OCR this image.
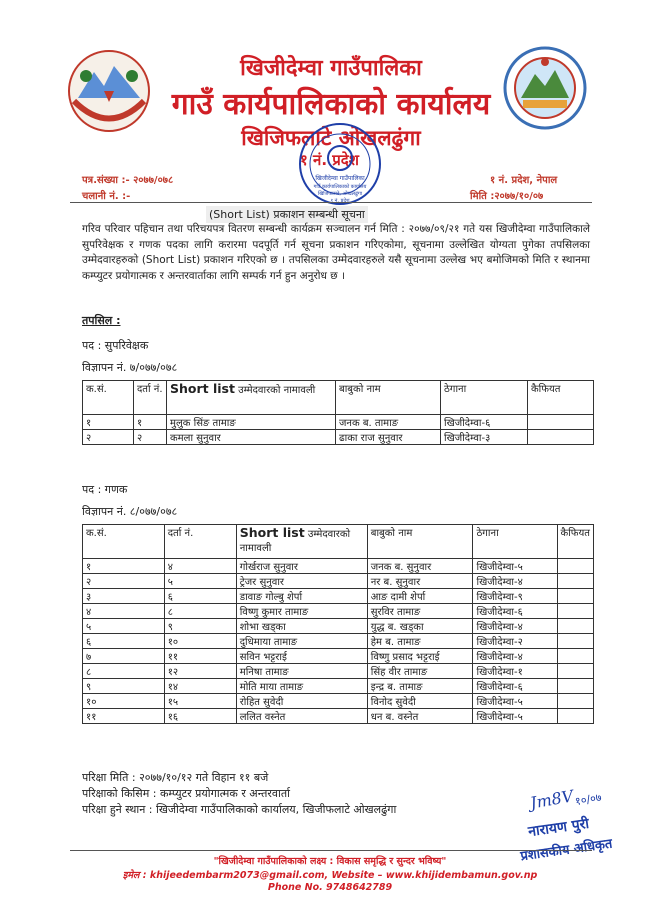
खिजीदेम्वा गाउँपालिका
गाउँ कार्यपालिकाको कार्यालय
खिजिफलाटे ओखलढुंगा
१ नं. प्रदेश
खिजीदेम्वा गाउँपालिका
गाउँ कार्यपालिकाको कार्यालय
खिजिफलाटे, ओखलढुंगा
१ नं. प्रदेश
पत्र.संख्या :- २०७७/०७८
चलानी नं. :-
१ नं. प्रदेश, नेपाल
मिति :२०७७/१०/०७
(Short List) प्रकाशन सम्बन्धी सूचना
गरिव परिवार पहिचान तथा परिचयपत्र वितरण सम्बन्धी कार्यक्रम सञ्चालन गर्न मिति : २०७७/०९/२१ गते यस खिजीदेम्वा गाउँपालिकाले सुपरिवेक्षक र गणक पदका लागि करारमा पदपूर्ति गर्न सूचना प्रकाशन गरिएकोमा, सूचनामा उल्लेखित योग्यता पुगेका तपसिलका उम्मेदवारहरुको (Short List) प्रकाशन गरिएको छ । तपसिलका उम्मेदवारहरुले यसै सूचनामा उल्लेख भए बमोजिमको मिति र स्थानमा कम्प्युटर प्रयोगात्मक र अन्तरवार्ताका लागि सम्पर्क गर्न हुन अनुरोध छ ।
तपसिल :
पद : सुपरिवेक्षक
विज्ञापन नं. ७/०७७/०७८
क.सं.	दर्ता नं.	Short list उम्मेदवारको नामावली	बाबुको नाम	ठेगाना	कैफियत
१	१	मुलुक सिंङ तामाङ	जनक ब. तामाङ	खिजीदेम्वा-६	
२	२	कमला सुनुवार	ढाका राज सुनुवार	खिजीदेम्वा-३	
पद : गणक
विज्ञापन नं. ८/०७७/०७८
क.सं.	दर्ता नं.	Short list उम्मेदवारको नामावली	बाबुको नाम	ठेगाना	कैफियत
१	४	गोर्खराज सुनुवार	जनक ब. सुनुवार	खिजीदेम्वा-५	
२	५	ट्रेजर सुनुवार	नर ब. सुनुवार	खिजीदेम्वा-४	
३	६	डावाङ गोल्बु शेर्पा	आङ दामी शेर्पा	खिजीदेम्वा-९	
४	८	विष्णु कुमार तामाङ	सुरविर तामाङ	खिजीदेम्वा-६	
५	९	शोभा खड्का	युद्ध ब. खड्का	खिजीदेम्वा-४	
६	१०	दुधिमाया तामाङ	हेम ब. तामाङ	खिजीदेम्वा-२	
७	११	सविन भट्टराई	विष्णु प्रसाद भट्टराई	खिजीदेम्वा-४	
८	१२	मनिषा तामाङ	सिंह वीर तामाङ	खिजीदेम्वा-१	
९	१४	मोति माया तामाङ	इन्द्र ब. तामाङ	खिजीदेम्वा-६	
१०	१५	रोहित सुवेदी	विनोद सुवेदी	खिजीदेम्वा-५	
११	१६	ललित वस्नेत	धन ब. वस्नेत	खिजीदेम्वा-५	
परिक्षा मिति : २०७७/१०/१२ गते विहान ११ बजे
परिक्षाको किसिम : कम्प्युटर प्रयोगात्मक र अन्तरवार्ता
परिक्षा हुने स्थान : खिजीदेम्वा गाउँपालिकाको कार्यालय, खिजीफलाटे ओखलढुंगा	Jm8V १०/०७
नारायण पुरी
प्रशासकीय अधिकृत
"खिजीदेम्वा गाउँपालिकाको लक्ष्य : विकास समृद्धि र सुन्दर भविष्य"
इमेल : khijeedembarm2073@gmail.com, Website – www.khijidembamun.gov.np
Phone No. 9748642789
